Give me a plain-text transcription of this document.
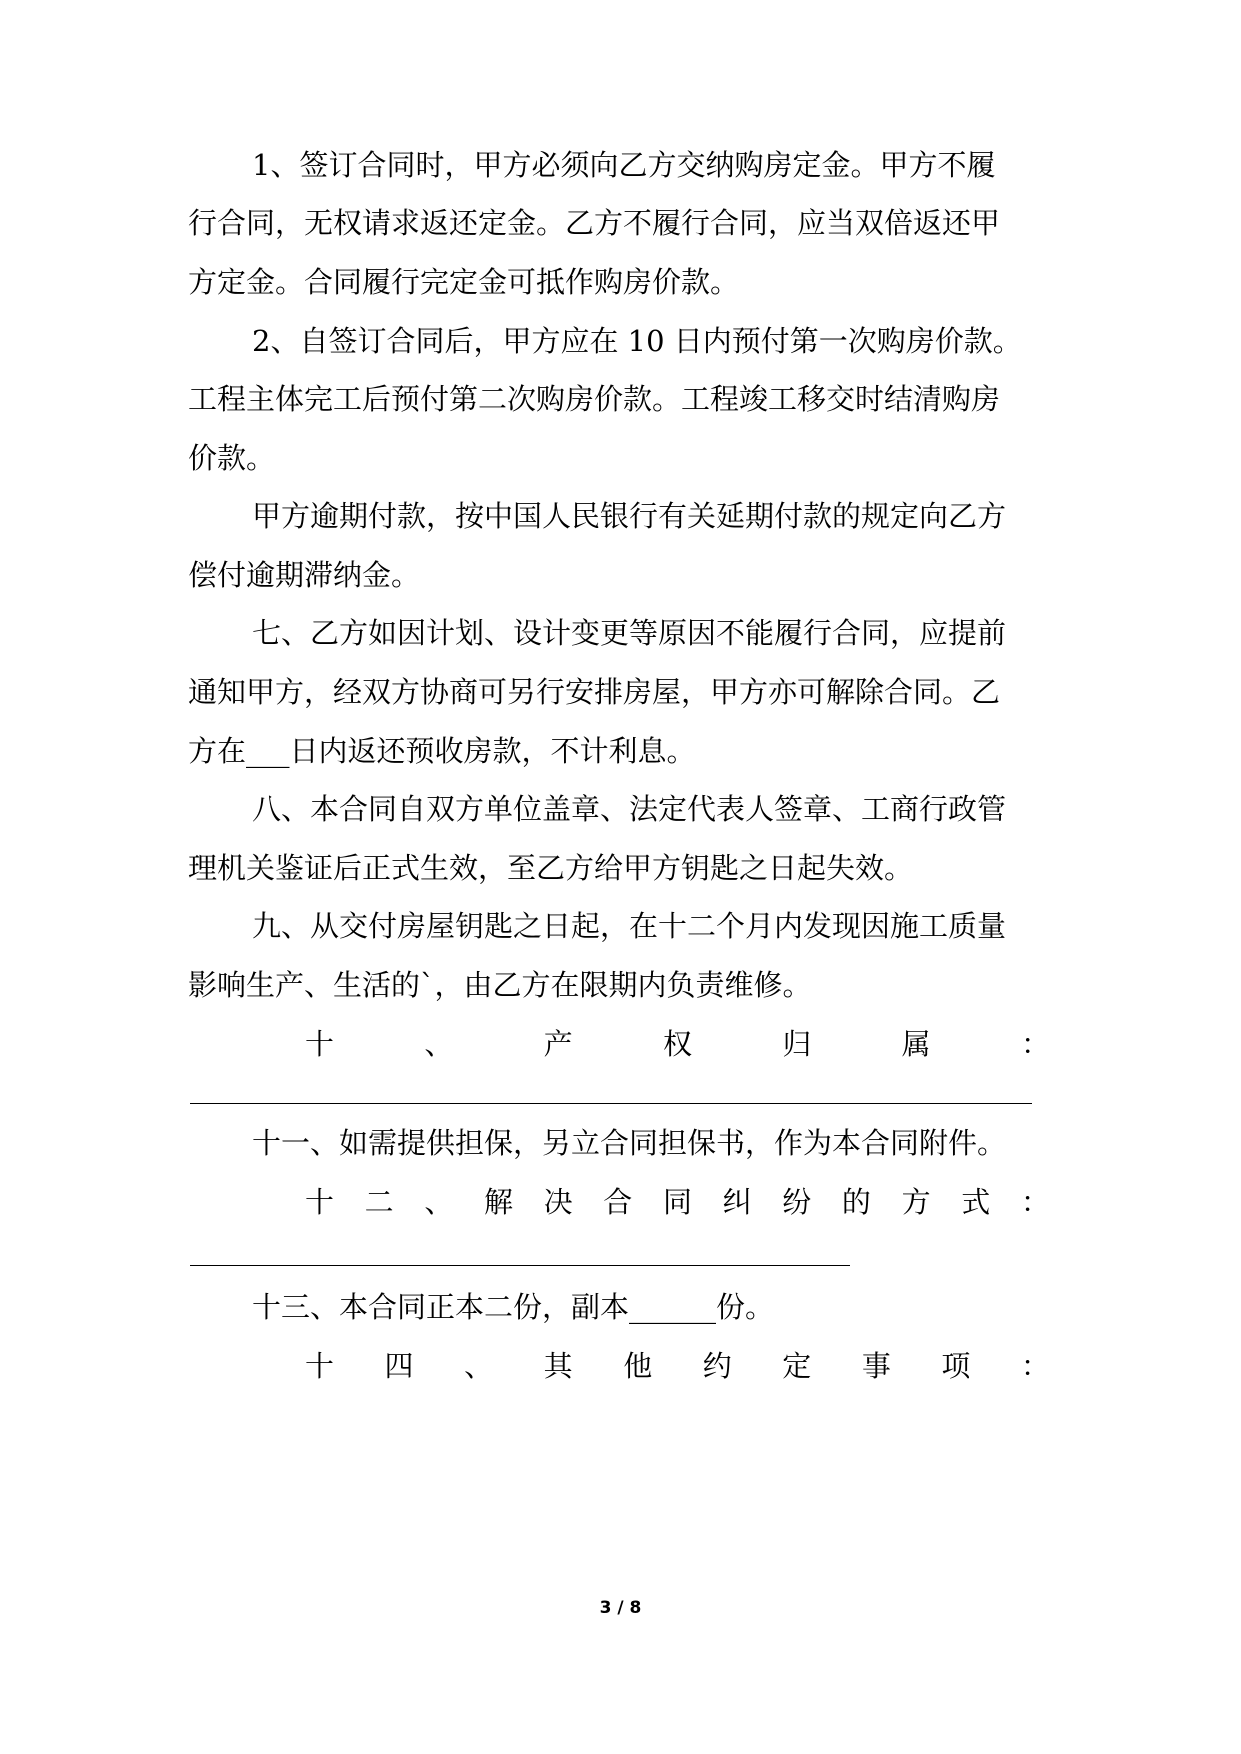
1、签订合同时，甲方必须向乙方交纳购房定金。甲方不履
行合同，无权请求返还定金。乙方不履行合同，应当双倍返还甲
方定金。合同履行完定金可抵作购房价款。
2、自签订合同后，甲方应在 10 日内预付第一次购房价款。
工程主体完工后预付第二次购房价款。工程竣工移交时结清购房
价款。
甲方逾期付款，按中国人民银行有关延期付款的规定向乙方
偿付逾期滞纳金。
七、乙方如因计划、设计变更等原因不能履行合同，应提前
通知甲方，经双方协商可另行安排房屋，甲方亦可解除合同。乙
方在___日内返还预收房款，不计利息。
八、本合同自双方单位盖章、法定代表人签章、工商行政管
理机关鉴证后正式生效，至乙方给甲方钥匙之日起失效。
九、从交付房屋钥匙之日起，在十二个月内发现因施工质量
影响生产、生活的`，由乙方在限期内负责维修。
十	、	产	权	归	属	：
十一、如需提供担保，另立合同担保书，作为本合同附件。
十 二 、 解 决 合 同 纠 纷 的 方 式 ：
十三、本合同正本二份，副本______份。
十 四 、 其 他 约 定 事 项 ：
3 / 8
